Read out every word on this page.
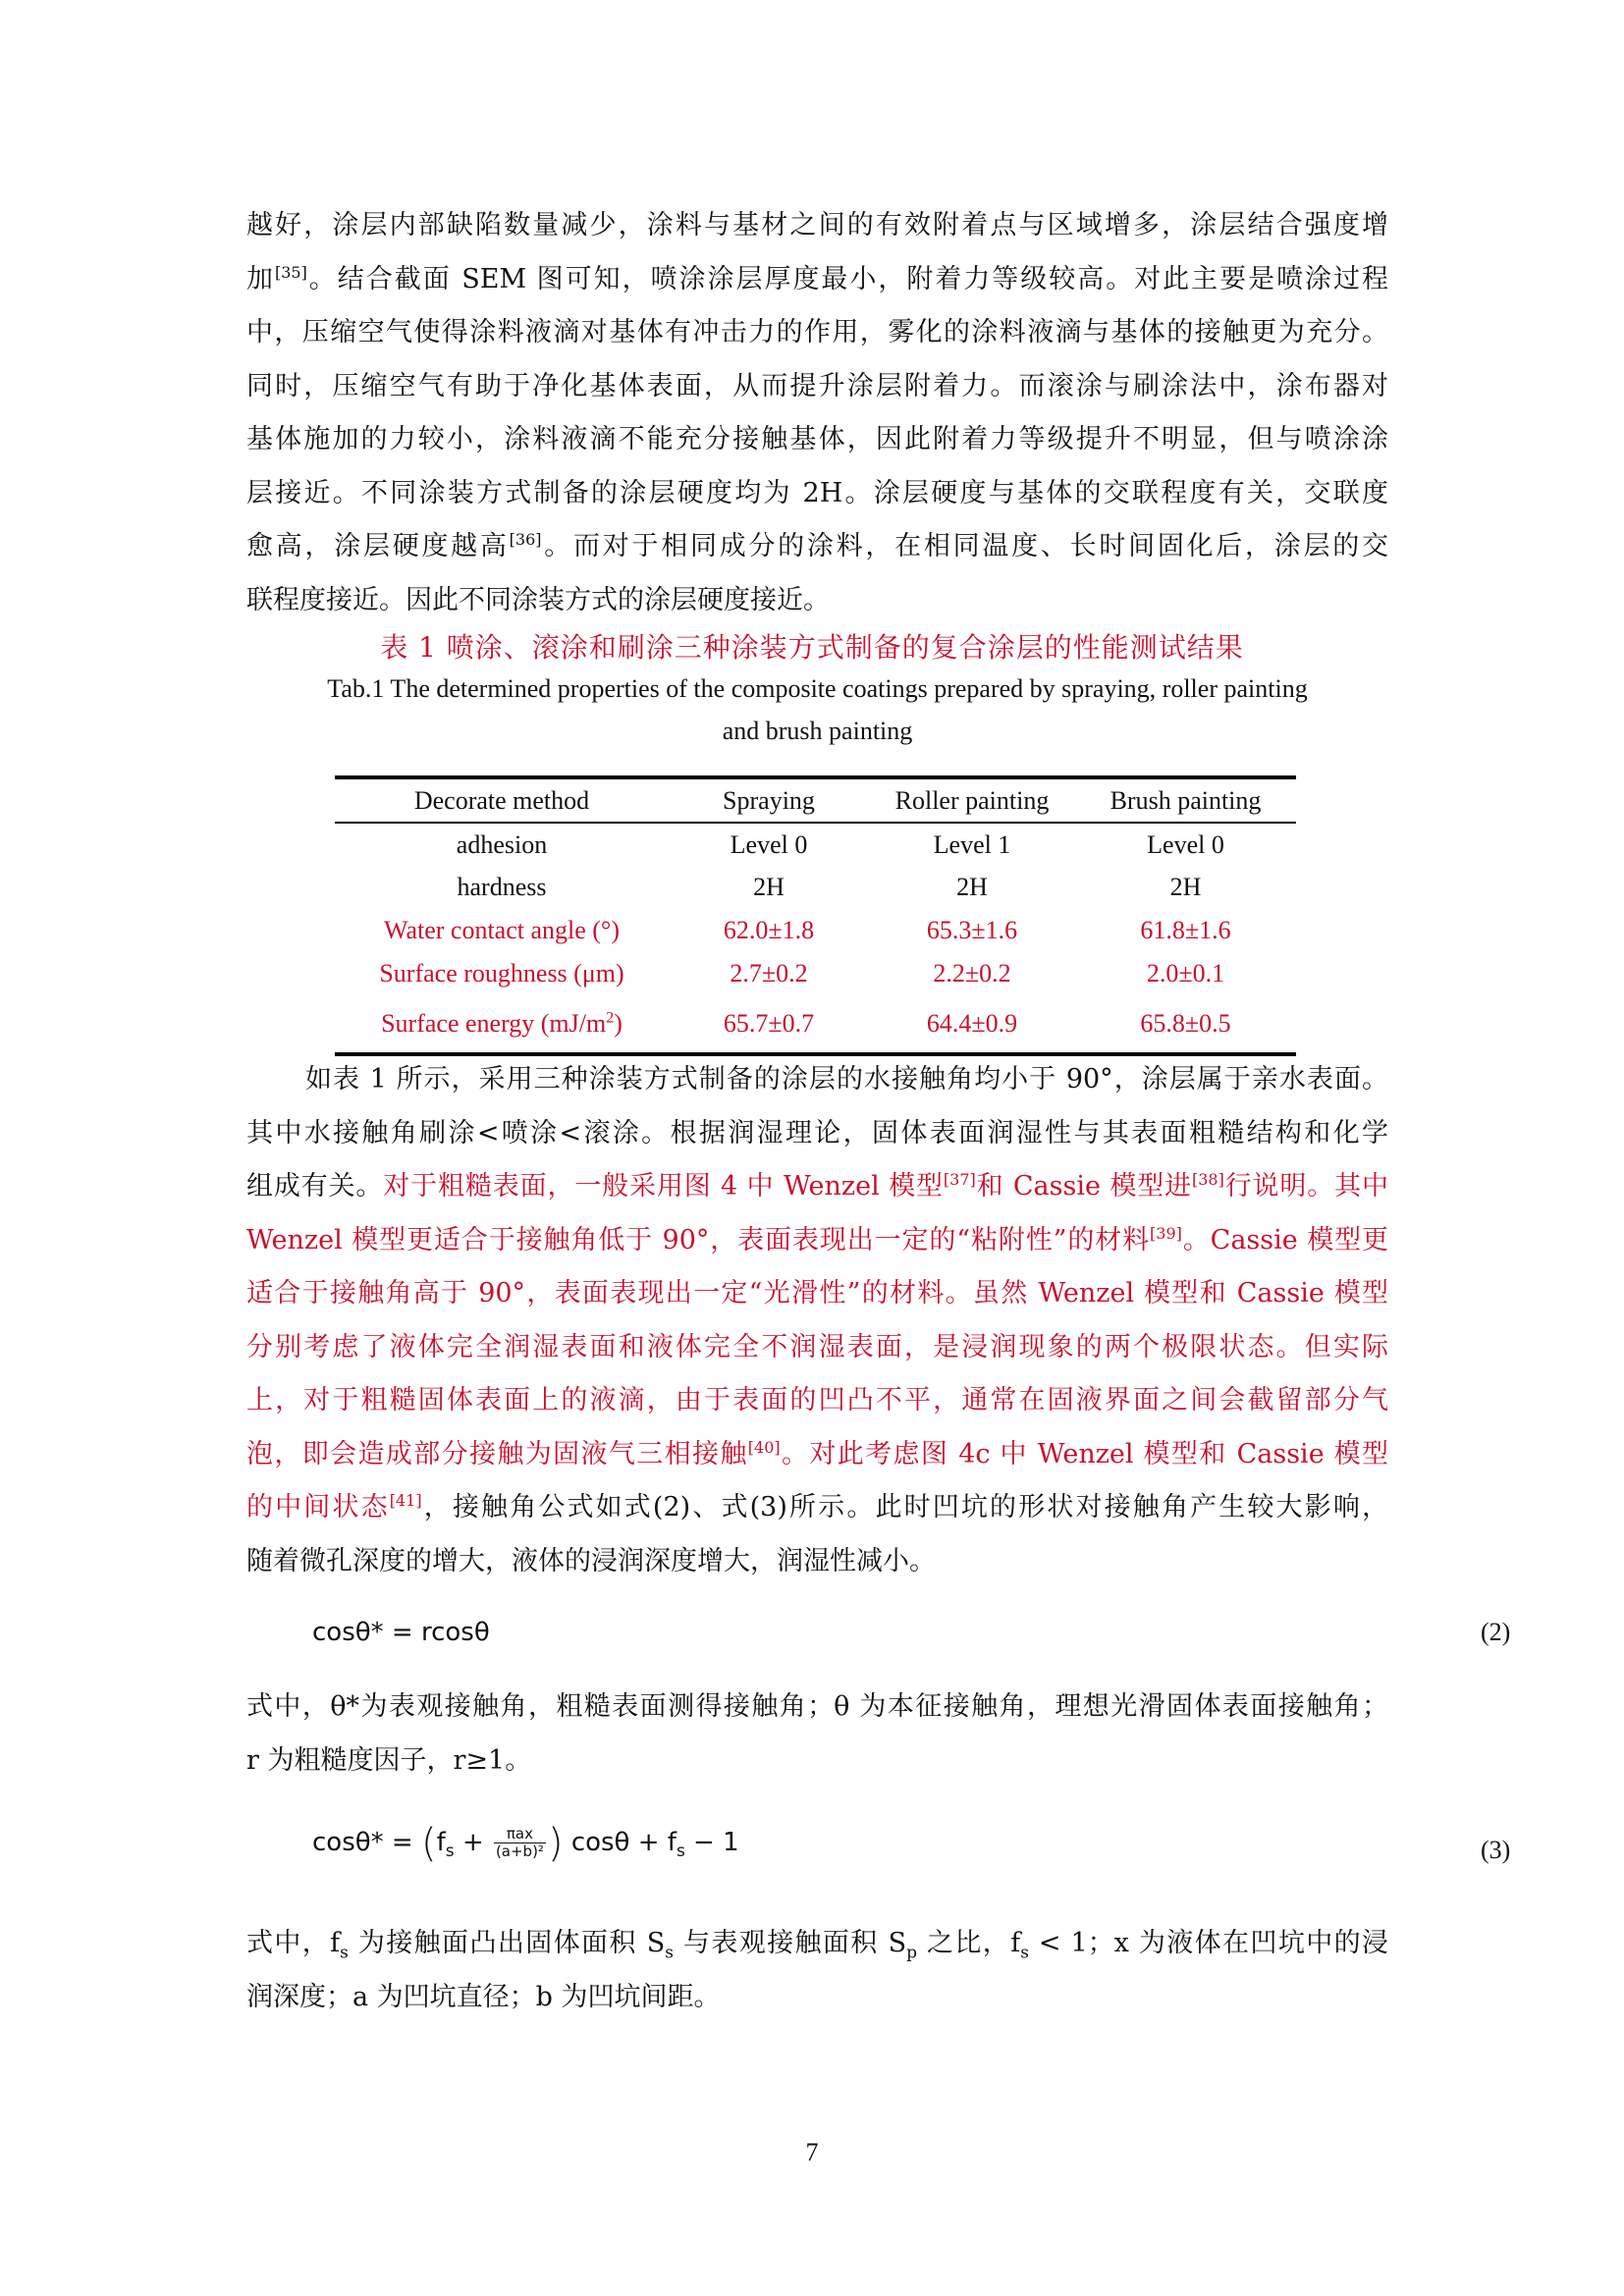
越好，涂层内部缺陷数量减少，涂料与基材之间的有效附着点与区域增多，涂层结合强度增
加[35]。结合截面 SEM 图可知，喷涂涂层厚度最小，附着力等级较高。对此主要是喷涂过程
中，压缩空气使得涂料液滴对基体有冲击力的作用，雾化的涂料液滴与基体的接触更为充分。
同时，压缩空气有助于净化基体表面，从而提升涂层附着力。而滚涂与刷涂法中，涂布器对
基体施加的力较小，涂料液滴不能充分接触基体，因此附着力等级提升不明显，但与喷涂涂
层接近。不同涂装方式制备的涂层硬度均为 2H。涂层硬度与基体的交联程度有关，交联度
愈高，涂层硬度越高[36]。而对于相同成分的涂料，在相同温度、长时间固化后，涂层的交
联程度接近。因此不同涂装方式的涂层硬度接近。
表 1 喷涂、滚涂和刷涂三种涂装方式制备的复合涂层的性能测试结果
Tab.1 The determined properties of the composite coatings prepared by spraying, roller painting
and brush painting
Decorate method	Spraying	Roller painting	Brush painting
adhesion	Level 0	Level 1	Level 0
hardness	2H	2H	2H
Water contact angle (°)	62.0±1.8	65.3±1.6	61.8±1.6
Surface roughness (μm)	2.7±0.2	2.2±0.2	2.0±0.1
Surface energy $(mJ/m^2)$	65.7±0.7	64.4±0.9	65.8±0.5
如表 1 所示，采用三种涂装方式制备的涂层的水接触角均小于 90°，涂层属于亲水表面。
其中水接触角刷涂<喷涂<滚涂。根据润湿理论，固体表面润湿性与其表面粗糙结构和化学
组成有关。对于粗糙表面，一般采用图 4 中 Wenzel 模型[37]和 Cassie 模型进[38]行说明。其中
Wenzel 模型更适合于接触角低于 90°，表面表现出一定的“粘附性”的材料[39]。Cassie 模型更
适合于接触角高于 90°，表面表现出一定“光滑性”的材料。虽然 Wenzel 模型和 Cassie 模型
分别考虑了液体完全润湿表面和液体完全不润湿表面，是浸润现象的两个极限状态。但实际
上，对于粗糙固体表面上的液滴，由于表面的凹凸不平，通常在固液界面之间会截留部分气
泡，即会造成部分接触为固液气三相接触[40]。对此考虑图 4c 中 Wenzel 模型和 Cassie 模型
的中间状态[41]，接触角公式如式(2)、式(3)所示。此时凹坑的形状对接触角产生较大影响，
随着微孔深度的增大，液体的浸润深度增大，润湿性减小。
cosθ* = rcosθ	(2)
式中，θ*为表观接触角，粗糙表面测得接触角；θ 为本征接触角，理想光滑固体表面接触角；
r 为粗糙度因子，r≥1。
$\cos\theta* = (f_s + \frac{\text{πax}}{\text{(a+b)²}}$ ) $\cos\theta + f_s - 1$	(3)
式中，$f_s$ 为接触面凸出固体面积 $S_s$ 与表观接触面积 $S_p$ 之比，$f_s < 1$；x 为液体在凹坑中的浸
润深度；a 为凹坑直径；b 为凹坑间距。
7
